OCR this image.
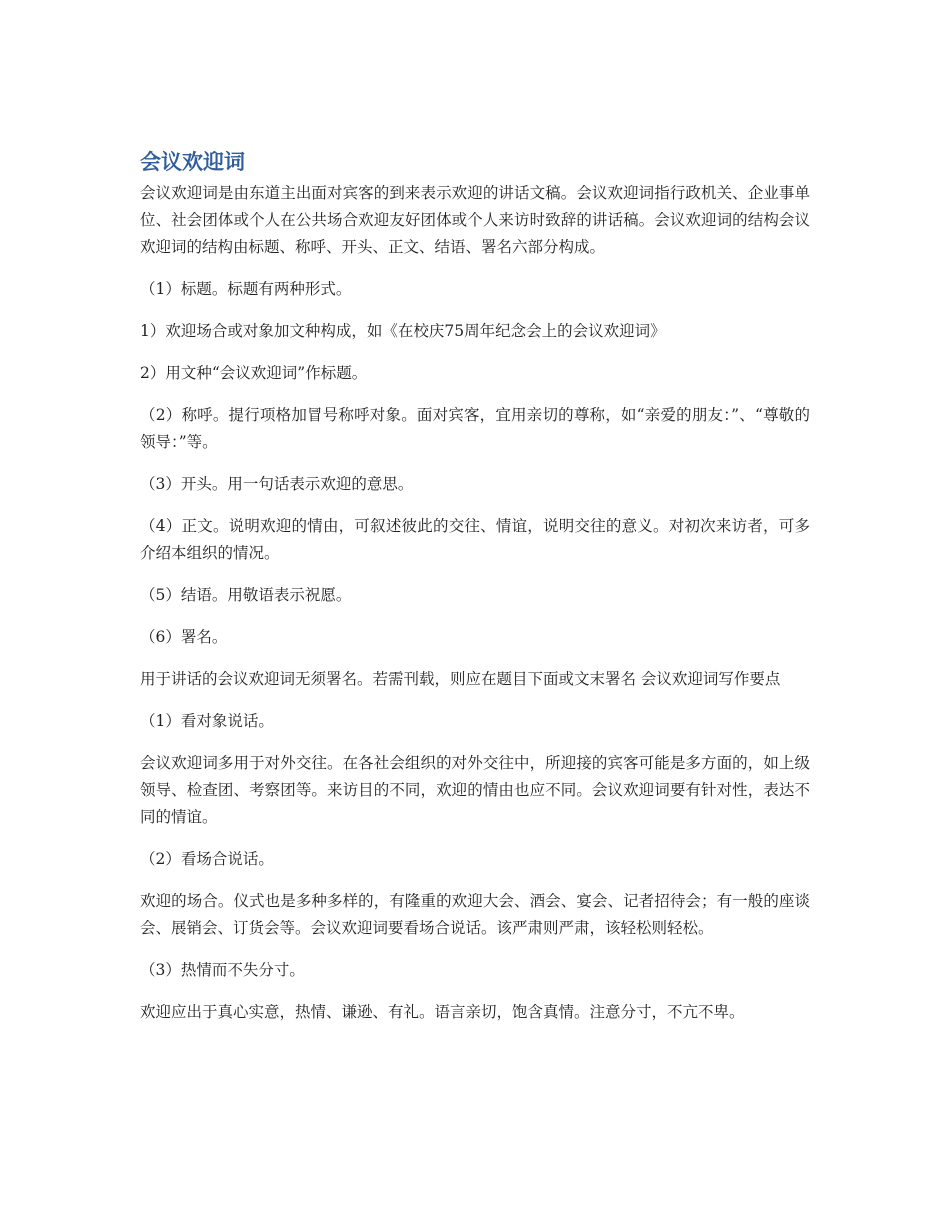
会议欢迎词

会议欢迎词是由东道主出面对宾客的到来表示欢迎的讲话文稿。会议欢迎词指行政机关、企业事单位、社会团体或个人在公共场合欢迎友好团体或个人来访时致辞的讲话稿。会议欢迎词的结构会议欢迎词的结构由标题、称呼、开头、正文、结语、署名六部分构成。

（1）标题。标题有两种形式。

1）欢迎场合或对象加文种构成，如《在校庆75周年纪念会上的会议欢迎词》

2）用文种“会议欢迎词”作标题。

（2）称呼。提行项格加冒号称呼对象。面对宾客，宜用亲切的尊称，如“亲爱的朋友：”、“尊敬的领导：”等。

（3）开头。用一句话表示欢迎的意思。

（4）正文。说明欢迎的情由，可叙述彼此的交往、情谊，说明交往的意义。对初次来访者，可多介绍本组织的情况。

（5）结语。用敬语表示祝愿。

（6）署名。

用于讲话的会议欢迎词无须署名。若需刊载，则应在题目下面或文末署名 会议欢迎词写作要点

（1）看对象说话。

会议欢迎词多用于对外交往。在各社会组织的对外交往中，所迎接的宾客可能是多方面的，如上级领导、检查团、考察团等。来访目的不同，欢迎的情由也应不同。会议欢迎词要有针对性，表达不同的情谊。

（2）看场合说话。

欢迎的场合。仪式也是多种多样的，有隆重的欢迎大会、酒会、宴会、记者招待会；有一般的座谈会、展销会、订货会等。会议欢迎词要看场合说话。该严肃则严肃，该轻松则轻松。

（3）热情而不失分寸。

欢迎应出于真心实意，热情、谦逊、有礼。语言亲切，饱含真情。注意分寸，不亢不卑。
